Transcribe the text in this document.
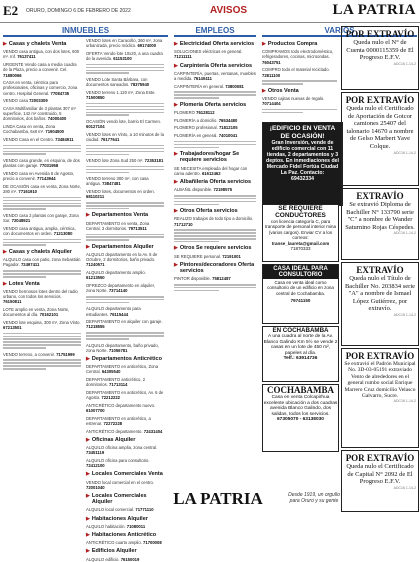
E2 ORURO, DOMINGO 6 DE FEBRERO DE 2022	AVISOS	LA PATRIA
INMUEBLES	EMPLEOS	VARIOS
▶ Casas y chalets Venta
VENDO casa antigua, con dos lotes, 600 m². Inf. 76137411
URGENTE Vendo casa a media cuadra de la Plaza, precio a convenir. Cel. 71880066
CASA en venta, céntrica para profesionales, oficinas y comercio, zona centro. Hospital General. 77084735
VENDO casa 72003309
CASA Multifamiliar de 3 plantas 307 m² superficie, 142 m² construido, 5 dormitorios, dos baños. 74000400
LINDA Casa en venta, Zona Cochabamba, 6x8 m². 71904500
VENDO Casa en el Centro. 73484911
VENDO casa grande, en esquina, de dos plantas con garaje. 77031958
VENDO casa en Avenida 6 de Agosto, precio a convenir. 77143944
DE OCASIÓN casa en venta, Zona Norte, 280 m². 77161910
VENDO casa 2 plantas con garaje, Zona Sur. 72048921
VENDO casa antigua, amplia, céntrica, con documentos en orden. 71213080
▶ Casas y chalets Alquiler
ALQUILO casa con patio, zona Sebastián Pagador. 72497411
▶ Lotes Venta
VENDO hermosos lotes dentro del radio urbano, con todos los servicios. 76150811
LOTE amplio en venta, Zona Norte, documentos al día. 70162101
VENDO lote esquina, 300 m², Zona Vinto. 67213501
VENDO terreno, a convenir. 71751999
VENDO lotes en Caracollo, 360 m², zona urbanizada, precio módico. 69174000
OFERTA Vendo lote 10x20, a una cuadra de la avenida. 61153100
VENDO Lote Santa Bárbara, con documentos saneados. 78375940
VENDO terreno 1.120 m², Zona Este. 71500850
OCASIÓN vendo lote, barrio El Carmen. 60127104
VENDO lotes en Vinto, a 10 minutos de la ciudad. 76177641
VENDO lote Zona Sud 250 m². 72353181
VENDO terreno 300 m², con casa antigua. 73847481
VENDO lotes, documentos en orden. 68110211
▶ Departamentos Venta
DEPARTAMENTO en venta, Zona Central, 3 dormitorios. 79713511
▶ Departamentos Alquiler
ALQUILO departamento en la Av. 6 de Octubre, 2 dormitorios, baño privado. 71240571
ALQUILO departamento amplio. 61213550
OFREZCO departamento en alquiler, zona Norte. 73714140
ALQUILO departamento para estudiantes. 76115444
DEPARTAMENTO en alquiler con garaje. 71218555
ALQUILO departamento, baño privado, zona Norte. 71056781
▶ Departamentos Anticrético
DEPARTAMENTO en anticrético, Zona Central. 64305540
DEPARTAMENTO anticrético, 2 dormitorios. 71713114
DEPARTAMENTO en anticrético, Av. 6 de Agosto. 72212222
ANTICRÉTICO departamento nuevo. 61007700
DEPARTAMENTO en anticrético, a estrenar. 72272228
ANTICRÉTICO departamento. 72431404
▶ Oficinas Alquiler
ALQUILO oficina amplia, zona central. 73451119
ALQUILO oficina para consultorio. 72412100
▶ Locales Comerciales Venta
VENDO local comercial en el centro. 72001040
▶ Locales Comerciales Alquiler
ALQUILO local comercial. 71771110
▶ Habitaciones Alquiler
ALQUILO habitación. 71080011
▶ Habitaciones Anticrético
ANTICRÉTICO cuarto amplio. 71700008
▶ Edificios Alquiler
ALQUILO edificio. 76150019
▶ Electricidad Oferta servicios
SOLUCIONES eléctricas en general. 71211111
▶ Carpintería Oferta servicios
CARPINTERÍA, puertas, ventanas, muebles a medida. 76140411
CARPINTERÍA en general. 73800081
▶ Plomería Oferta servicios
PLOMERO 76128112
PLOMERÍA a domicilio. 76534480
PLOMERO profesional. 71812105
PLOMERÍA en general. 74010041
▶ Trabajadores/hogar Se requiere servicios
SE NECESITA empleada del hogar con cama adentro. 61612462
▶ Albañilería Oferta servicios
ALBAÑIL disponible. 72198575
▶ Otros Oferta servicios
REALIZO trabajos de todo tipo a domicilio. 71712710
▶ Otros Se requiere servicios
SE REQUIERE personal. 72191001
▶ Pintores/decoradores Oferta servicios
PINTOR disponible. 75812487
▶ Productos Compra
COMPRAMOS todo electrodoméstico, refrigeradores, cocinas, microondas. 76043751
COMPRO todo el material reciclado. 72811100
▶ Otros Venta
VENDO cajitas nuevas de regalo. 70714404
¡EDIFICIO EN VENTA DE OCASIÓN!
Gran Inversión, vende de edificio comercial con 11 tiendas, 2 departamentos y 3 deptos. En inmediaciones del Mercado Fidel Fortúa Ciudad La Paz. Contacto:
69432334
SE REQUIERE CONDUCTORES
con licencia categoría C, para transporte de personal interior mina (varios cargos). Enviar CV a los correos:
transe_laureta@gmail.com
71870333
CASA IDEAL PARA CONSULTORIO
Casa en venta ideal como consultorio de un edificio en zona central de Cochabamba.
79741150
EN COCHABAMBA
A una cuadra al norte de la Av. Blanco Galindo Km 5½ se vende 2 casas en un lote de 450 m², papeles al día.
Telf.: 63914736
COCHABAMBA
Casa en venta Colcapirhua excelente ubicación a dos cuadras avenida Blanco Galindo, dos salidas, todos los servicios.
67305070 - 63138030
POR EXTRAVÍO
Queda nulo el N° de Cuenta 0000115359 de El Progreso E.F.V.
ADC16 1-14-2
POR EXTRAVÍO
Queda nulo el Certificado de Aportación de Gotcor camiones 25407 del talonario 14670 a nombre de Gelso Marbert Yave Colque.
ADC16 1-14-2
EXTRAVÍO
Se extravió Diploma de Bachiller N° 133790 serie "C" a nombre de Wander Saturnino Rojas Céspedes.
ADC16 1-14-2
EXTRAVÍO
Queda nulo el Título de Bachiller No. 203834 serie "A" a nombre de Ismael López Gutiérrez, por extravío.
ADC16 1-14-2
POR EXTRAVÍO
Se extravió el Padrón Municipal No. 3D-03-05191 extraviado Vento de alrededores en el general rumbo social Enrique Marrero Cruz domicilio Velasco Galvarro, Sucre.
ADC16 1-14-2
POR EXTRAVÍO
Queda nulo el Certificado de Capital N° 2092 de El Progreso E.F.V.
ADC16 1-14-2
LA PATRIA	Desde 1919, un orgullo para Oruro y su gente
